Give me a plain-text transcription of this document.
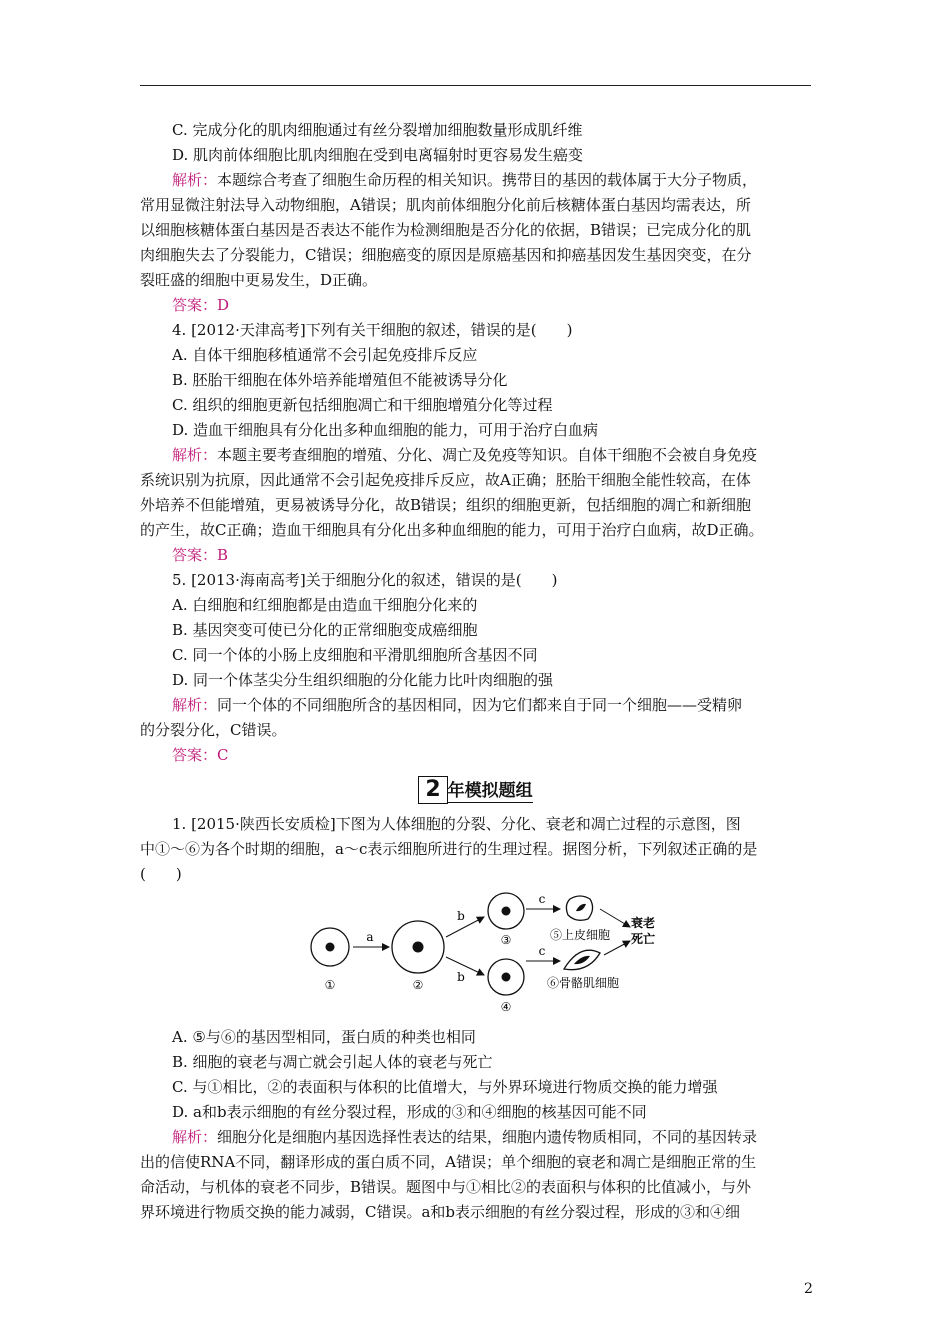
C. 完成分化的肌肉细胞通过有丝分裂增加细胞数量形成肌纤维

D. 肌肉前体细胞比肌肉细胞在受到电离辐射时更容易发生癌变

解析：本题综合考查了细胞生命历程的相关知识。携带目的基因的载体属于大分子物质，

常用显微注射法导入动物细胞，A错误；肌肉前体细胞分化前后核糖体蛋白基因均需表达，所

以细胞核糖体蛋白基因是否表达不能作为检测细胞是否分化的依据，B错误；已完成分化的肌

肉细胞失去了分裂能力，C错误；细胞癌变的原因是原癌基因和抑癌基因发生基因突变，在分

裂旺盛的细胞中更易发生，D正确。

答案：D

4. [2012·天津高考]下列有关干细胞的叙述，错误的是(　　)

A. 自体干细胞移植通常不会引起免疫排斥反应

B. 胚胎干细胞在体外培养能增殖但不能被诱导分化

C. 组织的细胞更新包括细胞凋亡和干细胞增殖分化等过程

D. 造血干细胞具有分化出多种血细胞的能力，可用于治疗白血病

解析：本题主要考查细胞的增殖、分化、凋亡及免疫等知识。自体干细胞不会被自身免疫

系统识别为抗原，因此通常不会引起免疫排斥反应，故A正确；胚胎干细胞全能性较高，在体

外培养不但能增殖，更易被诱导分化，故B错误；组织的细胞更新，包括细胞的凋亡和新细胞

的产生，故C正确；造血干细胞具有分化出多种血细胞的能力，可用于治疗白血病，故D正确。

答案：B

5. [2013·海南高考]关于细胞分化的叙述，错误的是(　　)

A. 白细胞和红细胞都是由造血干细胞分化来的

B. 基因突变可使已分化的正常细胞变成癌细胞

C. 同一个体的小肠上皮细胞和平滑肌细胞所含基因不同

D. 同一个体茎尖分生组织细胞的分化能力比叶肉细胞的强

解析：同一个体的不同细胞所含的基因相同，因为它们都来自于同一个细胞——受精卵

的分裂分化，C错误。

答案：C

2 年模拟题组

1. [2015·陕西长安质检]下图为人体细胞的分裂、分化、衰老和凋亡过程的示意图，图

中①～⑥为各个时期的细胞，a～c表示细胞所进行的生理过程。据图分析，下列叙述正确的是

(　　)

①
a
②
b
b
③
④
c
c
⑤上皮细胞
⑥骨骼肌细胞
衰老
死亡

A. ⑤与⑥的基因型相同，蛋白质的种类也相同

B. 细胞的衰老与凋亡就会引起人体的衰老与死亡

C. 与①相比，②的表面积与体积的比值增大，与外界环境进行物质交换的能力增强

D. a和b表示细胞的有丝分裂过程，形成的③和④细胞的核基因可能不同

解析：细胞分化是细胞内基因选择性表达的结果，细胞内遗传物质相同，不同的基因转录

出的信使RNA不同，翻译形成的蛋白质不同，A错误；单个细胞的衰老和凋亡是细胞正常的生

命活动，与机体的衰老不同步，B错误。题图中与①相比②的表面积与体积的比值减小，与外

界环境进行物质交换的能力减弱，C错误。a和b表示细胞的有丝分裂过程，形成的③和④细

2
